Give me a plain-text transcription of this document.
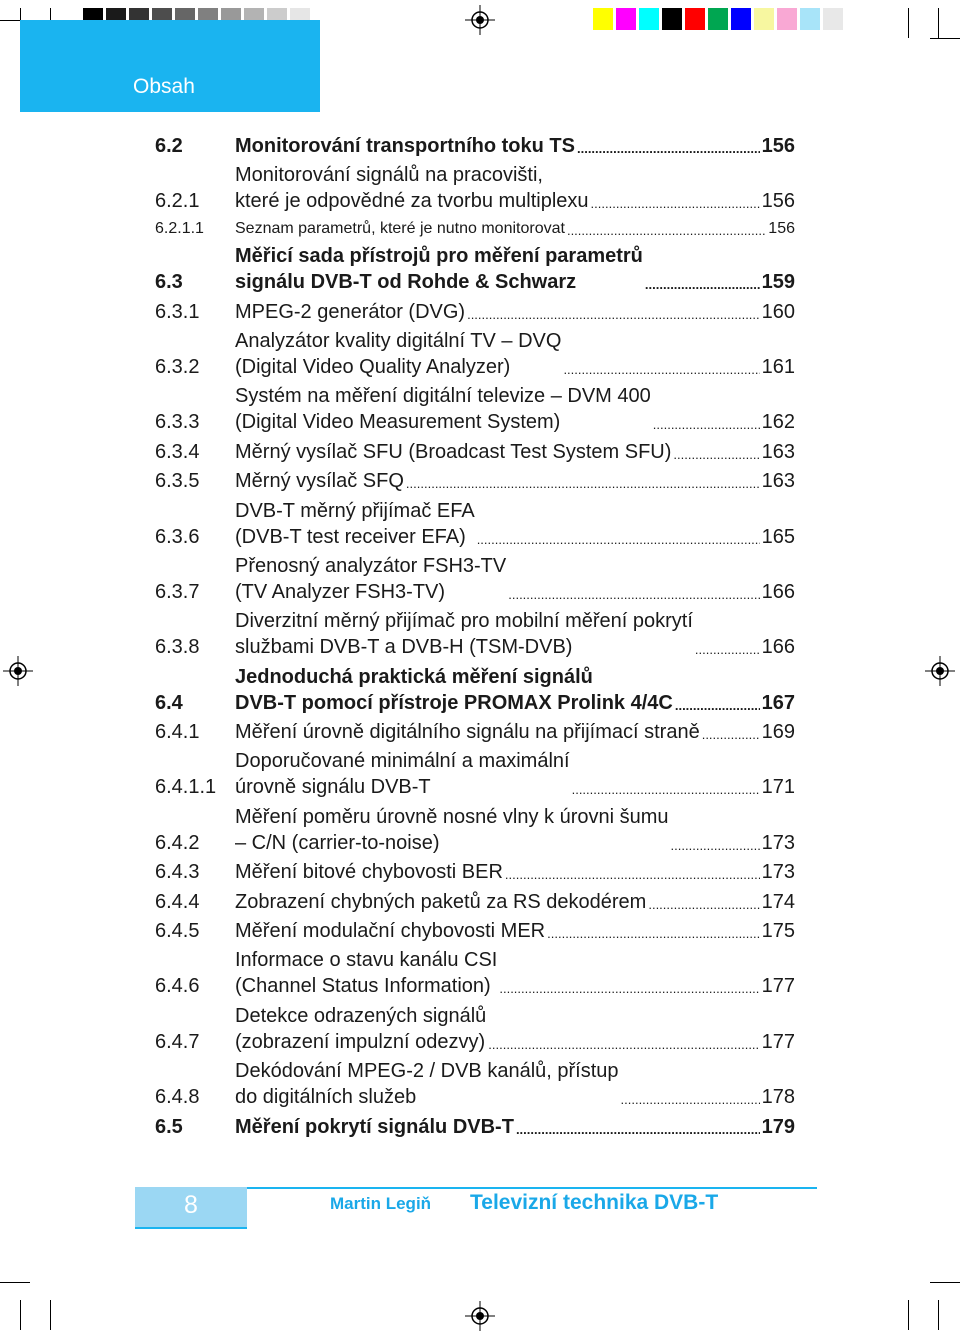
Obsah
6.2	Monitorování transportního toku TS .....	156
6.2.1
Monitorování signálů na pracovišti,
které je odpovědné za tvorbu multiplexu .....	156
6.2.1.1	Seznam parametrů, které je nutno monitorovat .....	156
6.3
Měřicí sada přístrojů pro měření parametrů
signálu DVB-T od Rohde & Schwarz .....	159
6.3.1	MPEG-2 generátor (DVG) .....	160
6.3.2
Analyzátor kvality digitální TV – DVQ
(Digital Video Quality Analyzer) .....	161
6.3.3
Systém na měření digitální televize – DVM 400
(Digital Video Measurement System) .....	162
6.3.4	Měrný vysílač SFU (Broadcast Test System SFU) .....	163
6.3.5	Měrný vysílač SFQ .....	163
6.3.6
DVB-T měrný přijímač EFA
(DVB-T test receiver EFA) .....	165
6.3.7
Přenosný analyzátor FSH3-TV
(TV Analyzer FSH3-TV) .....	166
6.3.8
Diverzitní měrný přijímač pro mobilní měření pokrytí
službami DVB-T a DVB-H (TSM-DVB) .....	166
6.4
Jednoduchá praktická měření signálů
DVB-T pomocí přístroje PROMAX Prolink 4/4C .....	167
6.4.1	Měření úrovně digitálního signálu na přijímací straně .....	169
6.4.1.1
Doporučované minimální a maximální
úrovně signálu DVB-T .....	171
6.4.2
Měření poměru úrovně nosné vlny k úrovni šumu
– C/N (carrier-to-noise) .....	173
6.4.3	Měření bitové chybovosti BER .....	173
6.4.4	Zobrazení chybných paketů za RS dekodérem .....	174
6.4.5	Měření modulační chybovosti MER .....	175
6.4.6
Informace o stavu kanálu CSI
(Channel Status Information) .....	177
6.4.7
Detekce odrazených signálů
(zobrazení impulzní odezvy) .....	177
6.4.8
Dekódování MPEG-2 / DVB kanálů, přístup
do digitálních služeb .....	178
6.5	Měření pokrytí signálu DVB-T .....	179
8	Martin Legiň Televizní technika DVB-T
